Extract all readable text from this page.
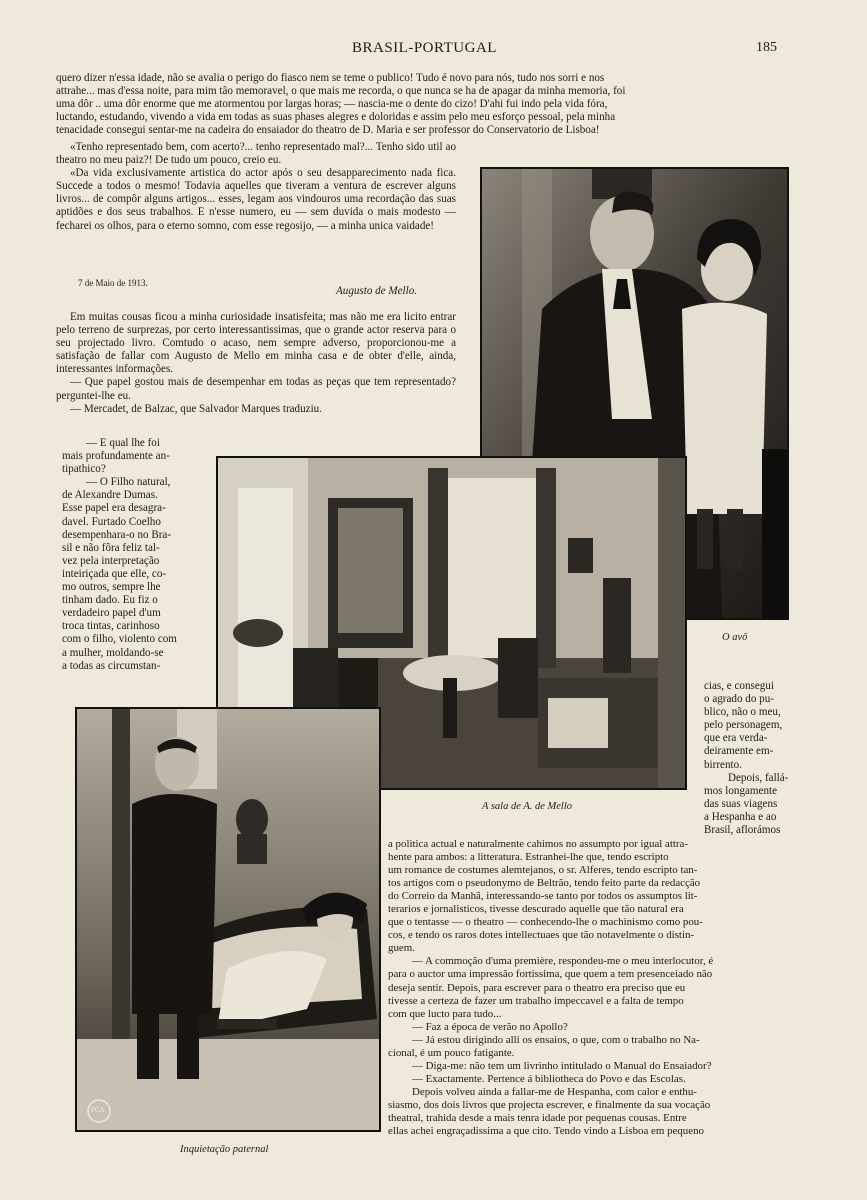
BRASIL-PORTUGAL	185

quero dizer n'essa idade, não se avalia o perigo do fiasco nem se teme o publico! Tudo é novo para nós, tudo nos sorri e nos

attrahe... mas d'essa noite, para mim tão memoravel, o que mais me recorda, o que nunca se ha de apagar da minha memoria, foi

uma dôr .. uma dôr enorme que me atormentou por largas horas; — nascia-me o dente do cizo! D'ahi fui indo pela vida fóra,

luctando, estudando, vivendo a vida em todas as suas phases alegres e doloridas e assim pelo meu esforço pessoal, pela minha

tenacidade consegui sentar-me na cadeira do ensaiador do theatro de D. Maria e ser professor do Conservatorio de Lisboa!

«Tenho representado bem, com acerto?... tenho representado mal?... Tenho sido util ao theatro no meu paiz?! De tudo um pouco, creio eu.

«Da vida exclusivamente artistica do actor após o seu desapparecimento nada fica. Succede a todos o mesmo! Todavia aquelles que tiveram a ventura de escrever alguns livros... de compôr alguns artigos... esses, legam aos vindouros uma recordação das suas aptidões e dos seus trabalhos. E n'esse numero, eu — sem duvida o mais modesto — fecharei os olhos, para o eterno somno, com esse regosijo, — a minha unica vaidade!

7 de Maio de 1913.
Augusto de Mello.

Em muitas cousas ficou a minha curiosidade insatisfeita; mas não me era licito entrar pelo terreno de surprezas, por certo interessantissimas, que o grande actor reserva para o seu projectado livro. Comtudo o acaso, nem sempre adverso, proporcionou-me a satisfação de fallar com Augusto de Mello em minha casa e de obter d'elle, ainda, interessantes informações.

— Que papel gostou mais de desempenhar em todas as peças que tem representado? perguntei-lhe eu.

— Mercadet, de Balzac, que Salvador Marques traduziu.

— E qual lhe foi

mais profundamente an-

tipathico?

— O Filho natural,

de Alexandre Dumas.

Esse papel era desagra-

davel. Furtado Coelho

desempenhara-o no Bra-

sil e não fôra feliz tal-

vez pela interpretação

inteiriçada que elle, co-

mo outros, sempre lhe

tinham dado. Eu fiz o

verdadeiro papel d'um

troca tintas, carinhoso

com o filho, violento com

a mulher, moldando-se

a todas as circumstan-

O avô
A sala de A. de Mello
FCA
Inquietação paternal

cias, e consegui

o agrado do pu-

blico, não o meu,

pelo personagem,

que era verda-

deiramente em-

birrento.

Depois, fallá-

mos longamente

das suas viagens

a Hespanha e ao

Brasil, aflorámos

a politica actual e naturalmente cahimos no assumpto por igual attra-

hente para ambos: a litteratura. Estranhei-lhe que, tendo escripto

um romance de costumes alemtejanos, o sr. Alferes, tendo escripto tan-

tos artigos com o pseudonymo de Beltrão, tendo feito parte da redacção

do Correio da Manhã, interessando-se tanto por todos os assumptos lit-

terarios e jornalisticos, tivesse descurado aquelle que tão natural era

que o tentasse — o theatro — conhecendo-lhe o machinismo como pou-

cos, e tendo os raros dotes intellectuaes que tão notavelmente o distin-

guem.

— A commoção d'uma première, respondeu-me o meu interlocutor, é

para o auctor uma impressão fortissima, que quem a tem presenceiado não

deseja sentir. Depois, para escrever para o theatro era preciso que eu

tivesse a certeza de fazer um trabalho impeccavel e a falta de tempo

com que lucto para tudo...

— Faz a época de verão no Apollo?

— Já estou dirigindo alli os ensaios, o que, com o trabalho no Na-

cional, é um pouco fatigante.

— Diga-me: não tem um livrinho intitulado o Manual do Ensaiador?

— Exactamente. Pertence á bibliotheca do Povo e das Escolas.

Depois volveu ainda a fallar-me de Hespanha, com calor e enthu-

siasmo, dos dois livros que projecta escrever, e finalmente da sua vocação

theatral, trahida desde a mais tenra idade por pequenas cousas. Entre

ellas achei engraçadissima a que cito. Tendo vindo a Lisboa em pequeno
